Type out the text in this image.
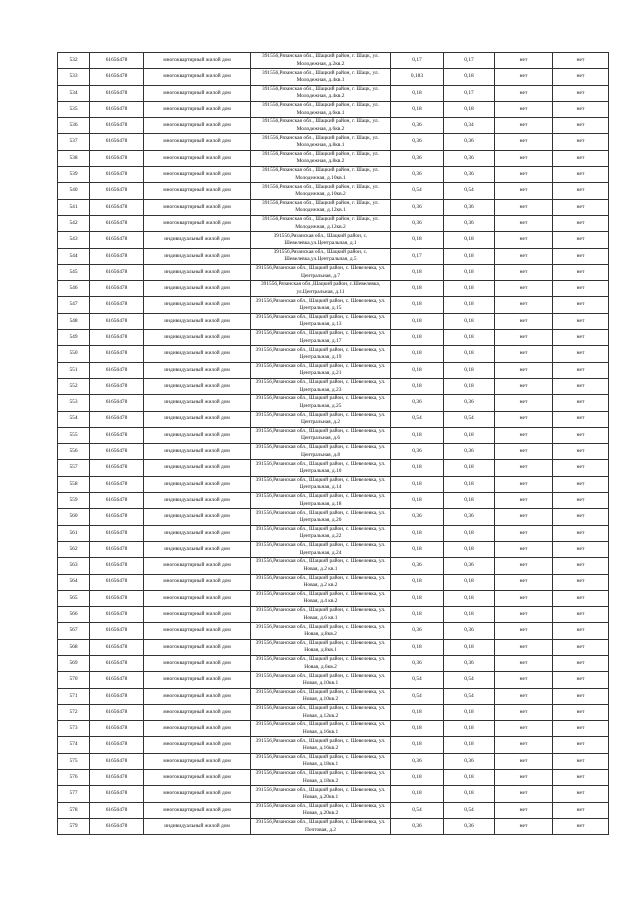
532	61656478	многоквартирный жилой дом	391556,Рязанская обл., Шацкий район, г. Шацк, ул. Молодежная, д.2кв.2	0,17	0,17	нет	нет
533	61656478	многоквартирный жилой дом	391556,Рязанская обл., Шацкий район, г. Шацк, ул. Молодежная, д.4кв.1	0,183	0,18	нет	нет
534	61656478	многоквартирный жилой дом	391556,Рязанская обл., Шацкий район, г. Шацк, ул. Молодежная, д.4кв.2	0,18	0,17	нет	нет
535	61656478	многоквартирный жилой дом	391556,Рязанская обл., Шацкий район, г. Шацк, ул. Молодежная, д.6кв.1	0,18	0,18	нет	нет
536	61656478	многоквартирный жилой дом	391556,Рязанская обл., Шацкий район, г. Шацк, ул. Молодежная, д.6кв.2	0,36	0,34	нет	нет
537	61656478	многоквартирный жилой дом	391556,Рязанская обл., Шацкий район, г. Шацк, ул. Молодежная, д.8кв.1	0,36	0,36	нет	нет
538	61656478	многоквартирный жилой дом	391556,Рязанская обл., Шацкий район, г. Шацк, ул. Молодежная, д.8кв.2	0,36	0,36	нет	нет
539	61656478	многоквартирный жилой дом	391556,Рязанская обл., Шацкий район, г. Шацк, ул. Молодежная, д.10кв.1	0,36	0,36	нет	нет
540	61656478	многоквартирный жилой дом	391556,Рязанская обл., Шацкий район, г. Шацк, ул. Молодежная, д.10кв.2	0,54	0,54	нет	нет
541	61656478	многоквартирный жилой дом	391556,Рязанская обл., Шацкий район, г. Шацк, ул. Молодежная, д.12кв.1	0,36	0,36	нет	нет
542	61656478	многоквартирный жилой дом	391556,Рязанская обл., Шацкий район, г. Шацк, ул. Молодежная, д.12кв.2	0,36	0,36	нет	нет
543	61656478	индивидуальный жилой дом	391556,Рязанская обл., Шацкий район, с. Шевелевка,ул.Центральная, д.1	0,18	0,18	нет	нет
544	61656478	индивидуальный жилой дом	391556,Рязанская обл., Шацкий район, с. Шевелевка,ул.Центральная, д.5	0,17	0,18	нет	нет
545	61656478	индивидуальный жилой дом	391556,Рязанская обл., Шацкий район, с. Шевелевка, ул. Центральная, д.7	0,18	0,18	нет	нет
546	61656478	индивидуальный жилой дом	391556,Рязанская обл.,Шацкий район, с.Шевелевка, ул.Центральная, д.11	0,18	0,18	нет	нет
547	61656478	индивидуальный жилой дом	391556,Рязанская обл., Шацкий район, с. Шевелевка, ул. Центральная, д.15	0,18	0,18	нет	нет
548	61656478	индивидуальный жилой дом	391556,Рязанская обл., Шацкий район, с. Шевелевка, ул. Центральная, д.13	0,18	0,18	нет	нет
549	61656478	индивидуальный жилой дом	391556,Рязанская обл., Шацкий район, с. Шевелевка, ул. Центральная, д.17	0,18	0,18	нет	нет
550	61656478	индивидуальный жилой дом	391556,Рязанская обл., Шацкий район, с. Шевелевка, ул. Центральная, д.19	0,18	0,18	нет	нет
551	61656478	индивидуальный жилой дом	391556,Рязанская обл., Шацкий район, с. Шевелевка, ул. Центральная, д.21	0,18	0,18	нет	нет
552	61656478	индивидуальный жилой дом	391556,Рязанская обл., Шацкий район, с. Шевелевка, ул. Центральная, д.23	0,18	0,18	нет	нет
553	61656478	индивидуальный жилой дом	391556,Рязанская обл., Шацкий район, с. Шевелевка, ул. Центральная, д.25	0,36	0,36	нет	нет
554	61656478	индивидуальный жилой дом	391556,Рязанская обл., Шацкий район, с. Шевелевка, ул. Центральная, д.2	0,54	0,54	нет	нет
555	61656478	индивидуальный жилой дом	391556,Рязанская обл., Шацкий район, с. Шевелевка, ул. Центральная, д.6	0,18	0,18	нет	нет
556	61656478	индивидуальный жилой дом	391556,Рязанская обл., Шацкий район, с. Шевелевка, ул. Центральная, д.8	0,36	0,36	нет	нет
557	61656478	индивидуальный жилой дом	391556,Рязанская обл., Шацкий район, с. Шевелевка, ул. Центральная, д.10	0,18	0,18	нет	нет
558	61656478	индивидуальный жилой дом	391556,Рязанская обл., Шацкий район, с. Шевелевка, ул. Центральная, д.14	0,18	0,18	нет	нет
559	61656478	индивидуальный жилой дом	391556,Рязанская обл., Шацкий район, с. Шевелевка, ул. Центральная, д.18	0,18	0,18	нет	нет
560	61656478	индивидуальный жилой дом	391556,Рязанская обл., Шацкий район, с. Шевелевка, ул. Центральная, д.20	0,36	0,36	нет	нет
561	61656478	индивидуальный жилой дом	391556,Рязанская обл., Шацкий район, с. Шевелевка, ул. Центральная, д.22	0,18	0,18	нет	нет
562	61656478	индивидуальный жилой дом	391556,Рязанская обл., Шацкий район, с. Шевелевка, ул. Центральная, д.24	0,18	0,18	нет	нет
563	61656478	многоквартирный жилой дом	391556,Рязанская обл., Шацкий район, с. Шевелевка, ул. Новая, д.2 кв.1	0,36	0,36	нет	нет
564	61656478	многоквартирный жилой дом	391556,Рязанская обл., Шацкий район, с. Шевелевка, ул. Новая, д.2 кв.2	0,18	0,18	нет	нет
565	61656478	многоквартирный жилой дом	391556,Рязанская обл., Шацкий район, с. Шевелевка, ул. Новая, д.4 кв.2	0,18	0,18	нет	нет
566	61656478	многоквартирный жилой дом	391556,Рязанская обл., Шацкий район, с. Шевелевка, ул. Новая, д.6 кв.1	0,18	0,18	нет	нет
567	61656478	многоквартирный жилой дом	391556,Рязанская обл., Шацкий район, с. Шевелевка, ул. Новая, д.8кв.2	0,36	0,36	нет	нет
568	61656478	многоквартирный жилой дом	391556,Рязанская обл., Шацкий район, с. Шевелевка, ул. Новая, д.8кв.1	0,18	0,18	нет	нет
569	61656478	многоквартирный жилой дом	391556,Рязанская обл., Шацкий район, с. Шевелевка, ул. Новая, д.6кв.2	0,36	0,36	нет	нет
570	61656478	многоквартирный жилой дом	391556,Рязанская обл., Шацкий район, с. Шевелевка, ул. Новая, д.10кв.1	0,54	0,54	нет	нет
571	61656478	многоквартирный жилой дом	391556,Рязанская обл., Шацкий район, с. Шевелевка, ул. Новая, д.10кв.2	0,54	0,54	нет	нет
572	61656478	многоквартирный жилой дом	391556,Рязанская обл., Шацкий район, с. Шевелевка, ул. Новая, д.12кв.2	0,18	0,18	нет	нет
573	61656478	многоквартирный жилой дом	391556,Рязанская обл., Шацкий район, с. Шевелевка, ул. Новая, д.16кв.1	0,18	0,18	нет	нет
574	61656478	многоквартирный жилой дом	391556,Рязанская обл., Шацкий район, с. Шевелевка, ул. Новая, д.16кв.2	0,18	0,18	нет	нет
575	61656478	многоквартирный жилой дом	391556,Рязанская обл., Шацкий район, с. Шевелевка, ул. Новая, д.18кв.1	0,36	0,36	нет	нет
576	61656478	многоквартирный жилой дом	391556,Рязанская обл., Шацкий район, с. Шевелевка, ул. Новая, д.18кв.2	0,18	0,18	нет	нет
577	61656478	многоквартирный жилой дом	391556,Рязанская обл., Шацкий район, с. Шевелевка, ул. Новая, д.20кв.1	0,18	0,18	нет	нет
578	61656478	многоквартирный жилой дом	391556,Рязанская обл., Шацкий район, с. Шевелевка, ул. Новая, д.20кв.2	0,54	0,54	нет	нет
579	61656478	индивидуальный жилой дом	391556,Рязанская обл., Шацкий район, с. Шевелевка, ул. Почтовая, д.2	0,36	0,36	нет	нет
